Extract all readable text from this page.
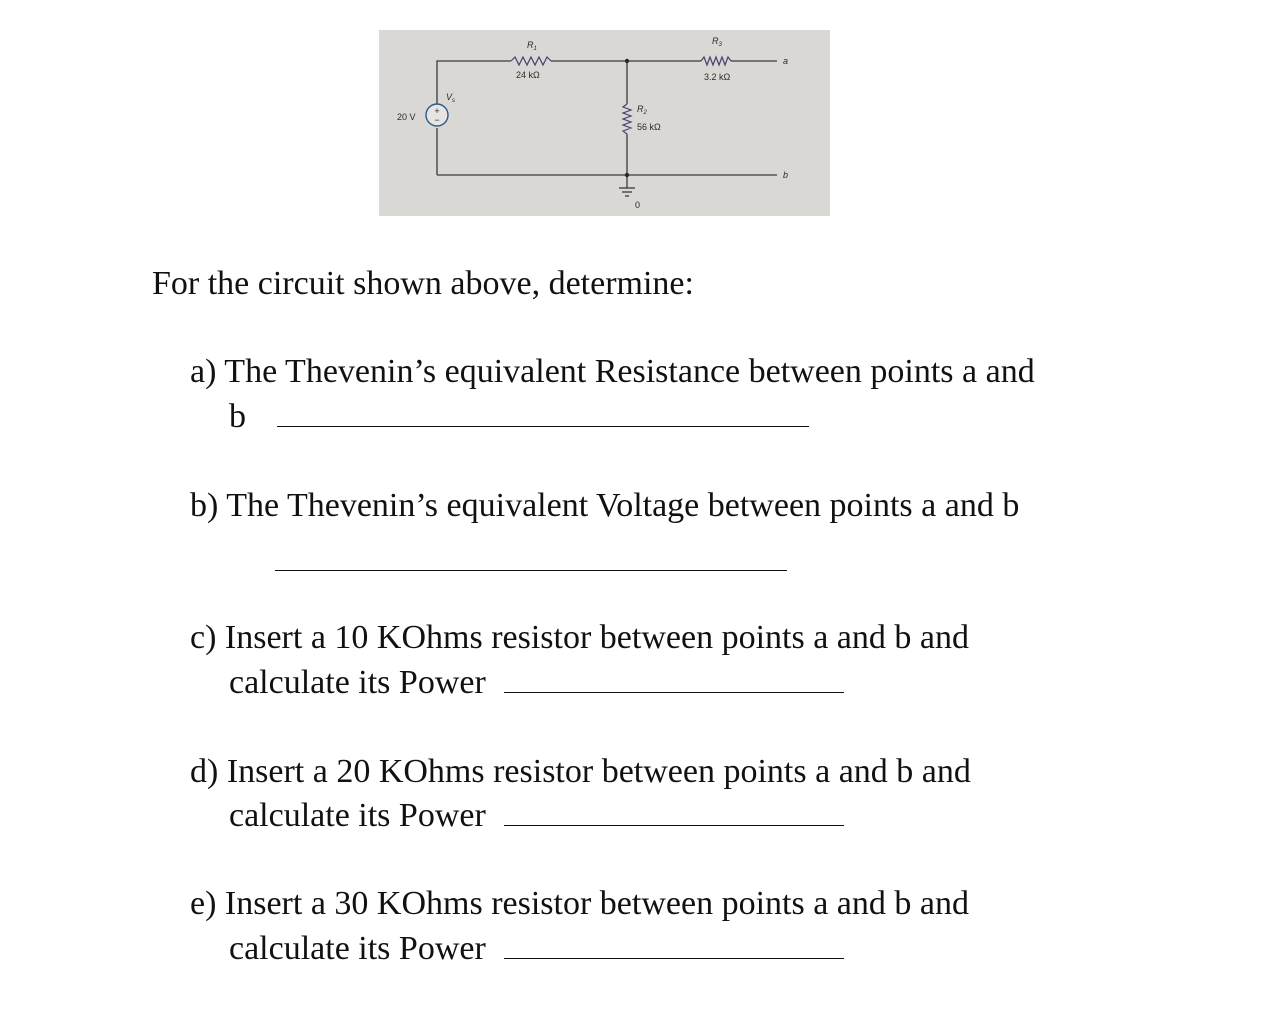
+
−
0
a
b
$R_1$
24 kΩ
$R_3$
3.2 kΩ
$R_2$
56 kΩ
$V_s$
20 V
For the circuit shown above, determine:
a) The Thevenin’s equivalent Resistance between points a and
b
b) The Thevenin’s equivalent Voltage between points a and b
c) Insert a 10 KOhms resistor between points a and b and
calculate its Power
d) Insert a 20 KOhms resistor between points a and b and
calculate its Power
e) Insert a 30 KOhms resistor between points a and b and
calculate its Power
